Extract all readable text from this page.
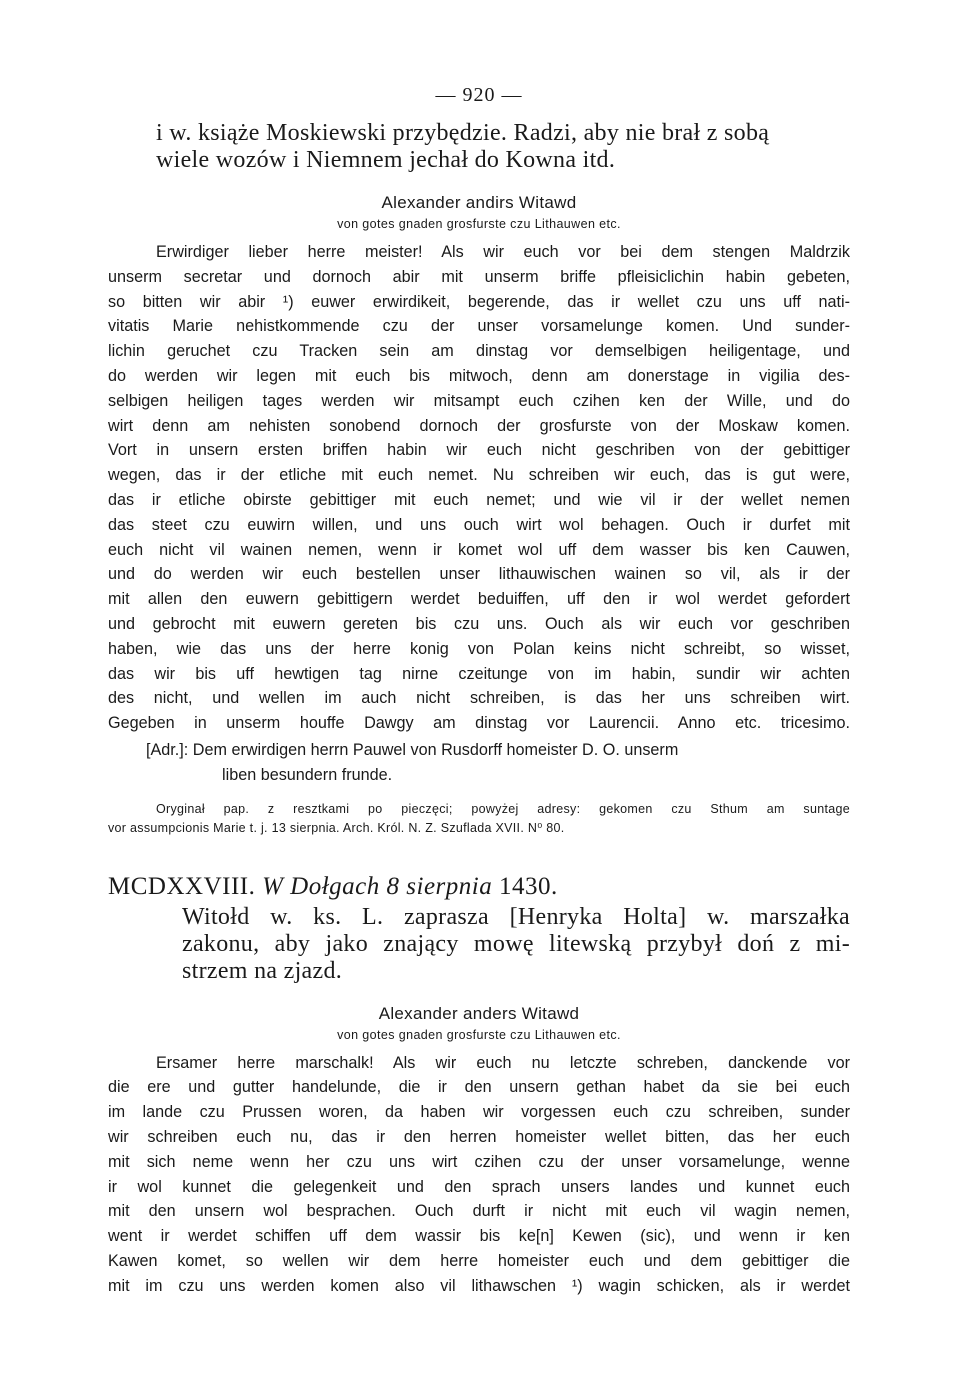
— 920 —
i w. książe Moskiewski przybędzie. Radzi, aby nie brał z sobą
wiele wozów i Niemnem jechał do Kowna itd.
Alexander andirs Witawd
von gotes gnaden grosfurste czu Lithauwen etc.
Erwirdiger lieber herre meister! Als wir euch vor bei dem stengen Maldrzik
unserm secretar und dornoch abir mit unserm briffe pfleisiclichin habin gebeten,
so bitten wir abir ¹) euwer erwirdikeit, begerende, das ir wellet czu uns uff nati-
vitatis Marie nehistkommende czu der unser vorsamelunge komen. Und sunder-
lichin geruchet czu Tracken sein am dinstag vor demselbigen heiligentage, und
do werden wir legen mit euch bis mitwoch, denn am donerstage in vigilia des-
selbigen heiligen tages werden wir mitsampt euch czihen ken der Wille, und do
wirt denn am nehisten sonobend dornoch der grosfurste von der Moskaw komen.
Vort in unsern ersten briffen habin wir euch nicht geschriben von der gebittiger
wegen, das ir der etliche mit euch nemet. Nu schreiben wir euch, das is gut were,
das ir etliche obirste gebittiger mit euch nemet; und wie vil ir der wellet nemen
das steet czu euwirn willen, und uns ouch wirt wol behagen. Ouch ir durfet mit
euch nicht vil wainen nemen, wenn ir komet wol uff dem wasser bis ken Cauwen,
und do werden wir euch bestellen unser lithauwischen wainen so vil, als ir der
mit allen den euwern gebittigern werdet beduiffen, uff den ir wol werdet gefordert
und gebrocht mit euwern gereten bis czu uns. Ouch als wir euch vor geschriben
haben, wie das uns der herre konig von Polan keins nicht schreibt, so wisset,
das wir bis uff hewtigen tag nirne czeitunge von im habin, sundir wir achten
des nicht, und wellen im auch nicht schreiben, is das her uns schreiben wirt.
Gegeben in unserm houffe Dawgy am dinstag vor Laurencii. Anno etc. tricesimo.
[Adr.]: Dem erwirdigen herrn Pauwel von Rusdorff homeister D. O. unserm
liben besundern frunde.
Oryginał pap. z resztkami po pieczęci; powyżej adresy: gekomen czu Sthum am suntage
vor assumpcionis Marie t. j. 13 sierpnia. Arch. Król. N. Z. Szuflada XVII. N⁰ 80.
MCDXXVIII. W Dołgach 8 sierpnia 1430.
Witołd w. ks. L. zaprasza [Henryka Holta] w. marszałka
zakonu, aby jako znający mowę litewską przybył doń z mi-
strzem na zjazd.
Alexander anders Witawd
von gotes gnaden grosfurste czu Lithauwen etc.
Ersamer herre marschalk! Als wir euch nu letczte schreben, danckende vor
die ere und gutter handelunde, die ir den unsern gethan habet da sie bei euch
im lande czu Prussen woren, da haben wir vorgessen euch czu schreiben, sunder
wir schreiben euch nu, das ir den herren homeister wellet bitten, das her euch
mit sich neme wenn her czu uns wirt czihen czu der unser vorsamelunge, wenne
ir wol kunnet die gelegenkeit und den sprach unsers landes und kunnet euch
mit den unsern wol besprachen. Ouch durft ir nicht mit euch vil wagin nemen,
went ir werdet schiffen uff dem wassir bis ke[n] Kewen (sic), und wenn ir ken
Kawen komet, so wellen wir dem herre homeister euch und dem gebittiger die
mit im czu uns werden komen also vil lithawschen ¹) wagin schicken, als ir werdet
